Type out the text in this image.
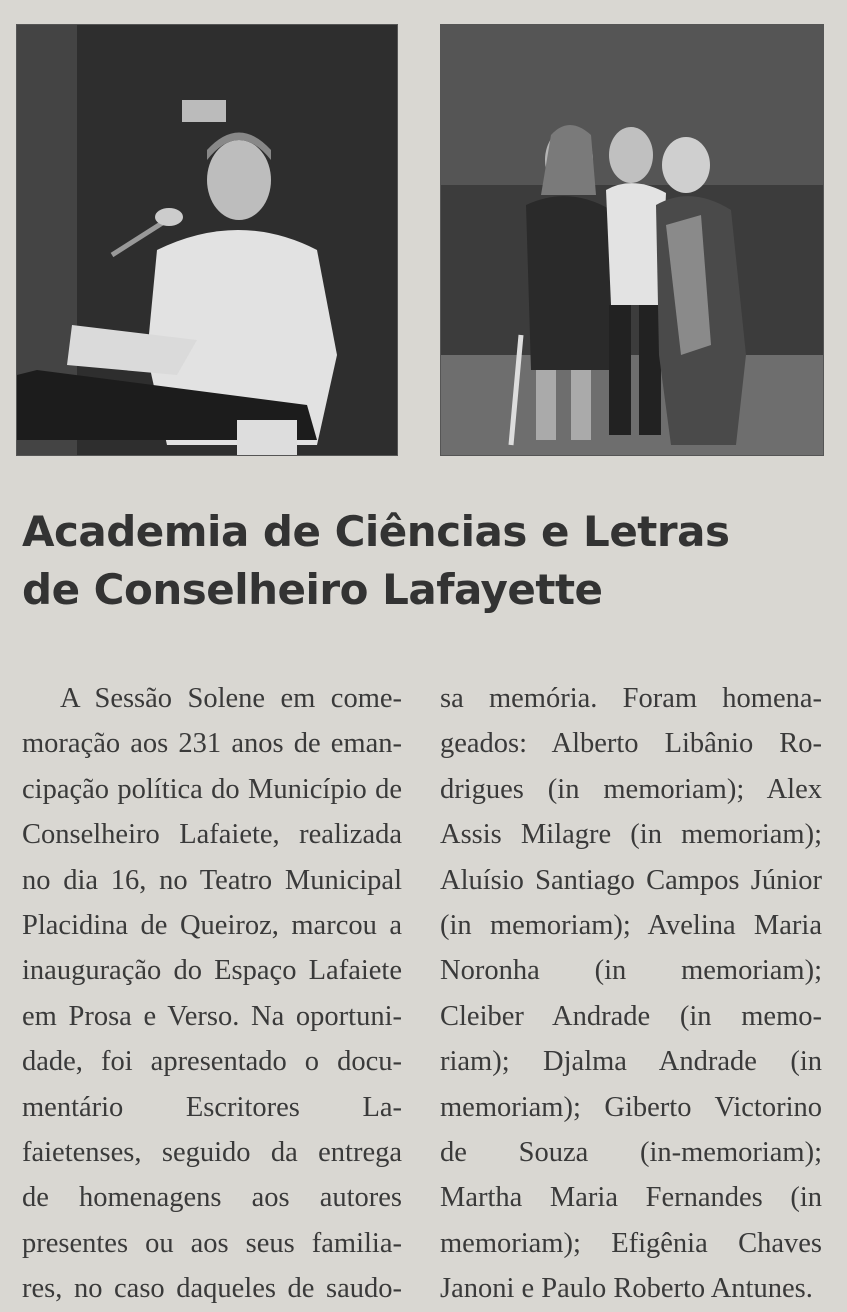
Academia de Ciências e Letras
de Conselheiro Lafayette
A Sessão Solene em come-
moração aos 231 anos de eman-
cipação política do Município de
Conselheiro Lafaiete, realizada
no dia 16, no Teatro Municipal
Placidina de Queiroz, marcou a
inauguração do Espaço Lafaiete
em Prosa e Verso. Na oportuni-
dade, foi apresentado o docu-
mentário Escritores La-
faietenses, seguido da entrega
de homenagens aos autores
presentes ou aos seus familia-
res, no caso daqueles de saudo-
sa memória. Foram homena-
geados: Alberto Libânio Ro-
drigues (in memoriam); Alex
Assis Milagre (in memoriam);
Aluísio Santiago Campos Júnior
(in memoriam); Avelina Maria
Noronha (in memoriam);
Cleiber Andrade (in memo-
riam); Djalma Andrade (in
memoriam); Giberto Victorino
de Souza (in-memoriam);
Martha Maria Fernandes (in
memoriam); Efigênia Chaves
Janoni e Paulo Roberto Antunes.
